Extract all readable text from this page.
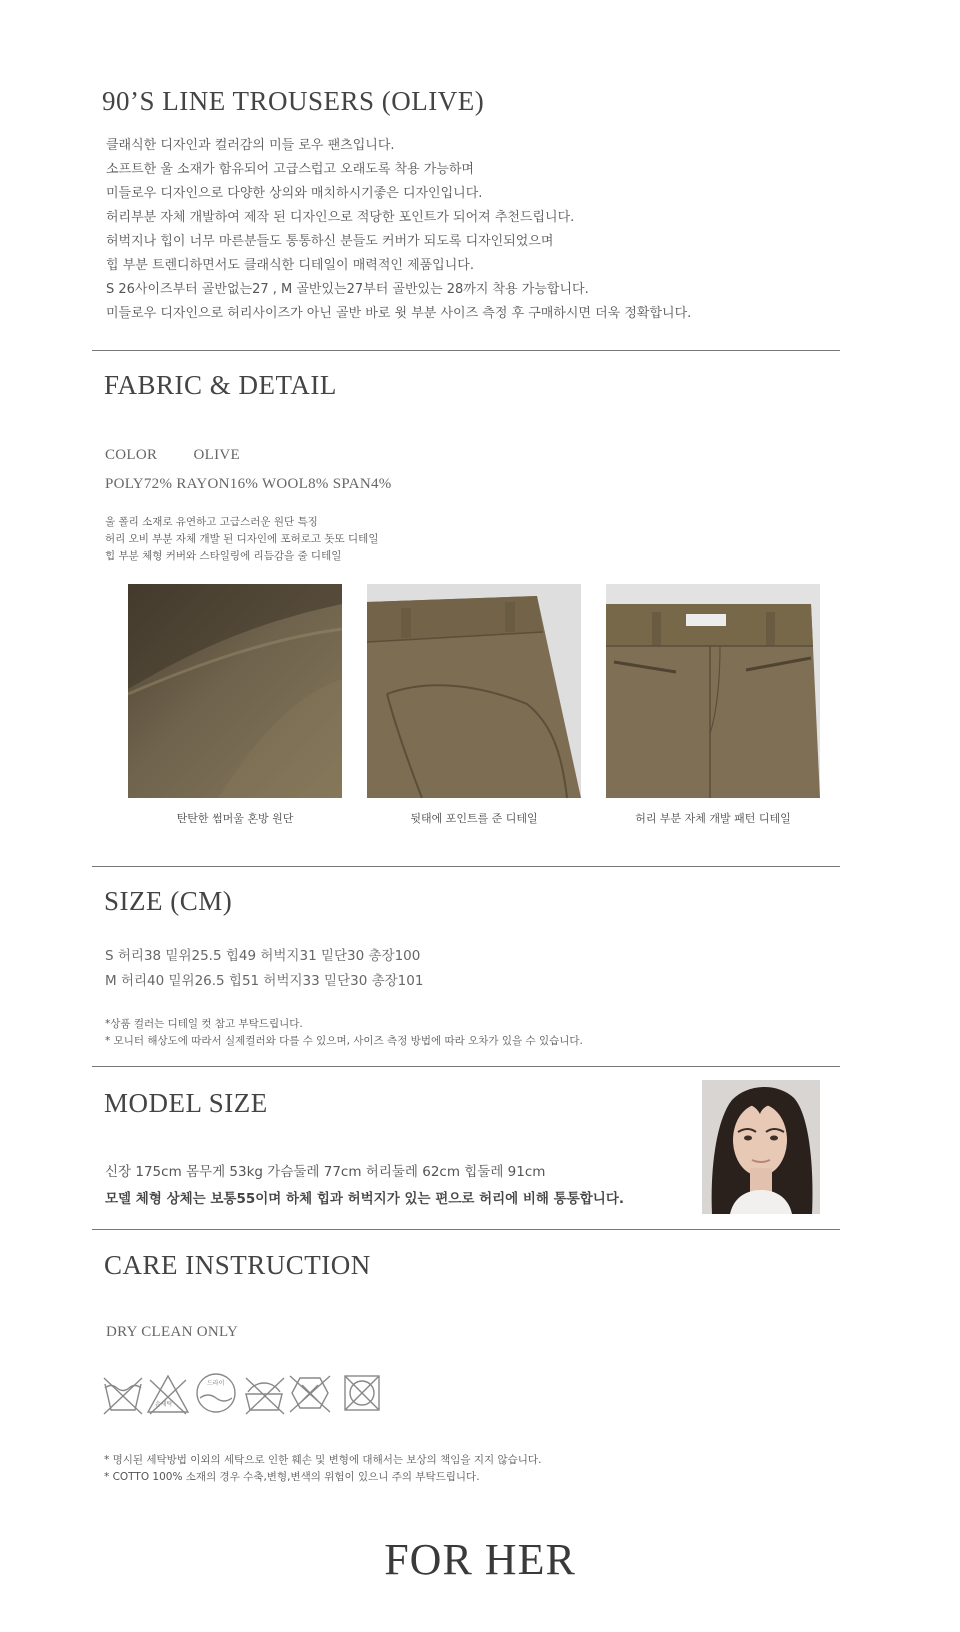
90’S LINE TROUSERS (OLIVE)
클래식한 디자인과 컬러감의 미들 로우 팬츠입니다.
소프트한 울 소재가 함유되어 고급스럽고 오래도록 착용 가능하며
미들로우 디자인으로 다양한 상의와 매치하시기좋은 디자인입니다.
허리부분 자체 개발하여 제작 된 디자인으로 적당한 포인트가 되어져 추천드립니다.
허벅지나 힙이 너무 마른분들도 통통하신 분들도 커버가 되도록 디자인되었으며
힙 부분 트렌디하면서도 클래식한 디테일이 매력적인 제품입니다.
S 26사이즈부터 골반없는27 , M 골반있는27부터 골반있는 28까지 착용 가능합니다.
미들로우 디자인으로 허리사이즈가 아닌 골반 바로 윗 부분 사이즈 측정 후 구매하시면 더욱 정확합니다.
FABRIC & DETAIL
COLOR OLIVE
POLY72% RAYON16% WOOL8% SPAN4%
울 폴리 소재로 유연하고 고급스러운 원단 특징
허리 오비 부분 자체 개발 된 디자인에 포허로고 돗또 디테일
힙 부분 체형 커버와 스타일링에 리듬감을 줄 디테일
탄탄한 썸머울 혼방 원단	뒷태에 포인트를 준 디테일	허리 부분 자체 개발 패턴 디테일
SIZE (CM)
S 허리38 밑위25.5 힙49 허벅지31 밑단30 총장100
M 허리40 밑위26.5 힙51 허벅지33 밑단30 총장101
*상품 컬러는 디테일 컷 참고 부탁드립니다.
* 모니터 해상도에 따라서 실제컬러와 다를 수 있으며, 사이즈 측정 방법에 따라 오차가 있을 수 있습니다.
MODEL SIZE
신장 175cm 몸무게 53kg 가슴둘레 77cm 허리둘레 62cm 힙둘레 91cm
모델 체형 상체는 보통55이며 하체 힙과 허벅지가 있는 편으로 허리에 비해 통통합니다.
CARE INSTRUCTION
DRY CLEAN ONLY
손세탁
드라이
* 명시된 세탁방법 이외의 세탁으로 인한 훼손 및 변형에 대해서는 보상의 책임을 지지 않습니다.
* COTTO 100% 소재의 경우 수축,변형,변색의 위험이 있으니 주의 부탁드립니다.
FOR HER
